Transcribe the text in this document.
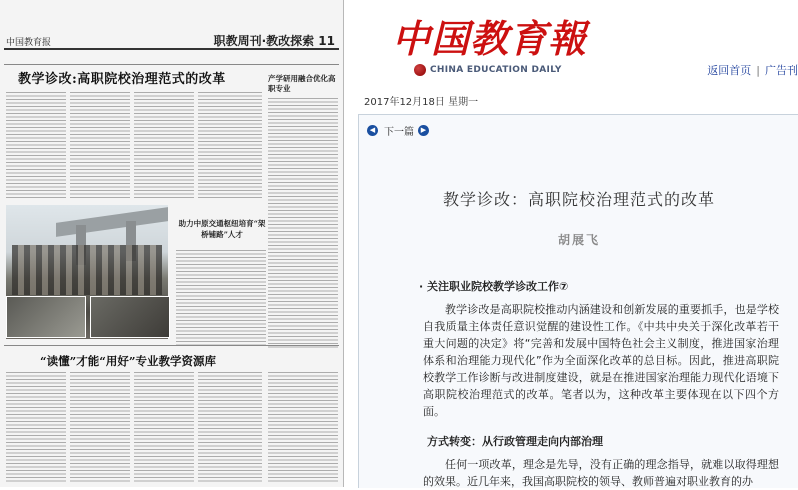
中国教育报	职教周刊·教改探索 11
教学诊改:高职院校治理范式的改革	产学研用融合优化高职专业
助力中原交通枢纽培育“架桥铺路”人才
“读懂”才能“用好”专业教学资源库
中国教育報
CHINA EDUCATION DAILY	返回首页 | 广告刊
2017年12月18日 星期一
◀ 下一篇 ▶
教学诊改：高职院校治理范式的改革
胡展飞
· 关注职业院校教学诊改工作⑦
教学诊改是高职院校推动内涵建设和创新发展的重要抓手，也是学校自我质量主体责任意识觉醒的建设性工作。《中共中央关于深化改革若干重大问题的决定》将“完善和发展中国特色社会主义制度，推进国家治理体系和治理能力现代化”作为全面深化改革的总目标。因此，推进高职院校教学工作诊断与改进制度建设，就是在推进国家治理能力现代化语境下高职院校治理范式的改革。笔者以为，这种改革主要体现在以下四个方面。
方式转变：从行政管理走向内部治理
任何一项改革，理念是先导，没有正确的理念指导，就难以取得理想的效果。近几年来，我国高职院校的领导、教师普遍对职业教育的办
